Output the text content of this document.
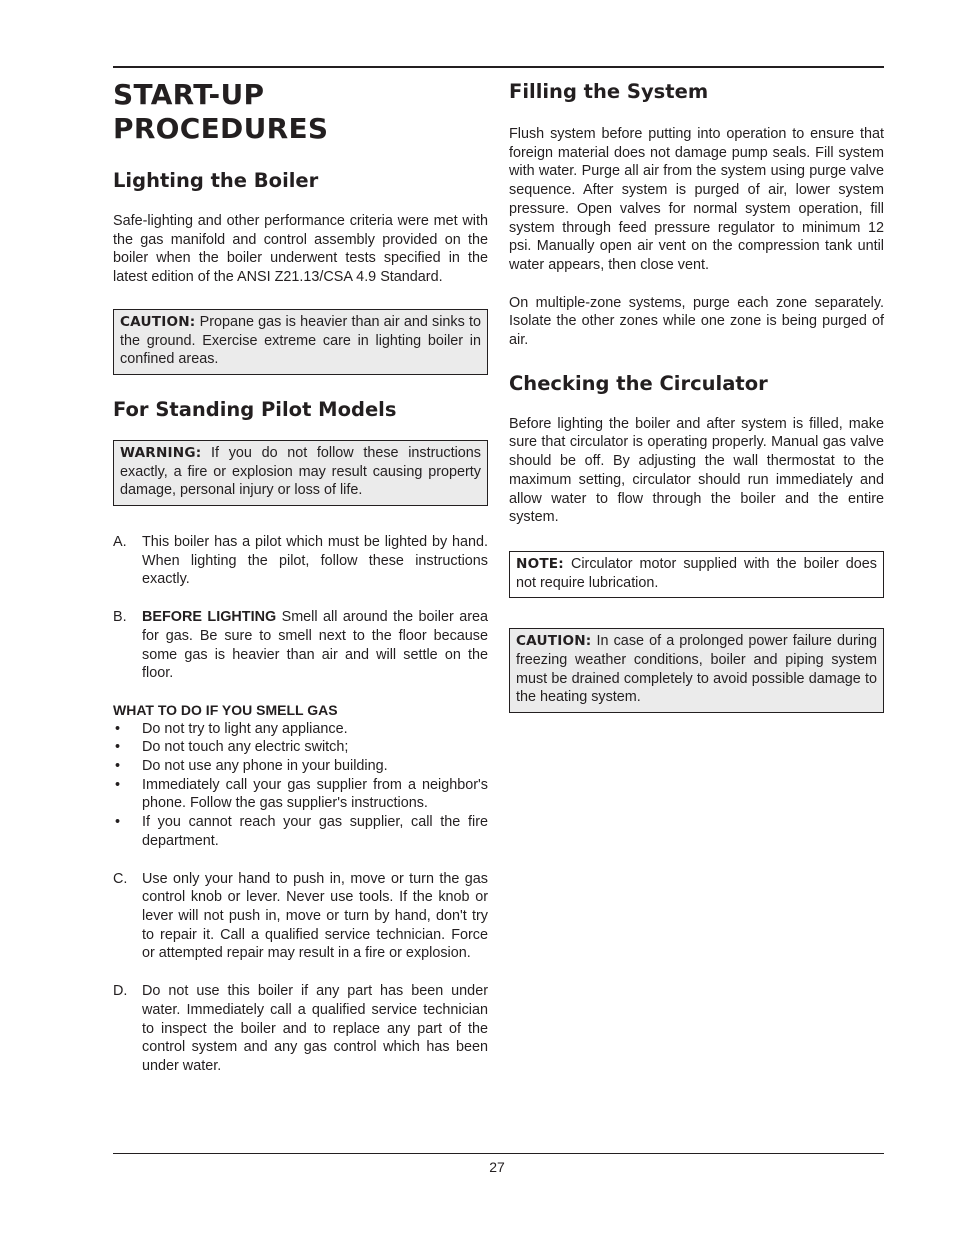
START-UP
PROCEDURES
Lighting the Boiler

Safe-lighting and other performance criteria were met with the gas manifold and control assembly provided on the boiler when the boiler underwent tests specified in the latest edition of the ANSI Z21.13/CSA 4.9 Standard.

CAUTION: Propane gas is heavier than air and sinks to the ground. Exercise extreme care in lighting boiler in confined areas.
For Standing Pilot Models
WARNING: If you do not follow these instructions exactly, a fire or explosion may result causing property damage, personal injury or loss of life.
A.	This boiler has a pilot which must be lighted by hand. When lighting the pilot, follow these instructions exactly.
B.	BEFORE LIGHTING Smell all around the boiler area for gas. Be sure to smell next to the floor because some gas is heavier than air and will settle on the floor.
WHAT TO DO IF YOU SMELL GAS
•	Do not try to light any appliance.
•	Do not touch any electric switch;
•	Do not use any phone in your building.
•	Immediately call your gas supplier from a neighbor's phone. Follow the gas supplier's instructions.
•	If you cannot reach your gas supplier, call the fire department.
C.	Use only your hand to push in, move or turn the gas control knob or lever. Never use tools. If the knob or lever will not push in, move or turn by hand, don't try to repair it. Call a qualified service technician. Force or attempted repair may result in a fire or explosion.
D.	Do not use this boiler if any part has been under water. Immediately call a qualified service technician to inspect the boiler and to replace any part of the control system and any gas control which has been under water.
Filling the System

Flush system before putting into operation to ensure that foreign material does not damage pump seals. Fill system with water. Purge all air from the system using purge valve sequence. After system is purged of air, lower system pressure. Open valves for normal system operation, fill system through feed pressure regulator to minimum 12 psi. Manually open air vent on the compression tank until water appears, then close vent.

On multiple-zone systems, purge each zone separately. Isolate the other zones while one zone is being purged of air.

Checking the Circulator

Before lighting the boiler and after system is filled, make sure that circulator is operating properly. Manual gas valve should be off. By adjusting the wall thermostat to the maximum setting, circulator should run immediately and allow water to flow through the boiler and the entire system.

NOTE: Circulator motor supplied with the boiler does not require lubrication.
CAUTION: In case of a prolonged power failure during freezing weather conditions, boiler and piping system must be drained completely to avoid possible damage to the heating system.
27
